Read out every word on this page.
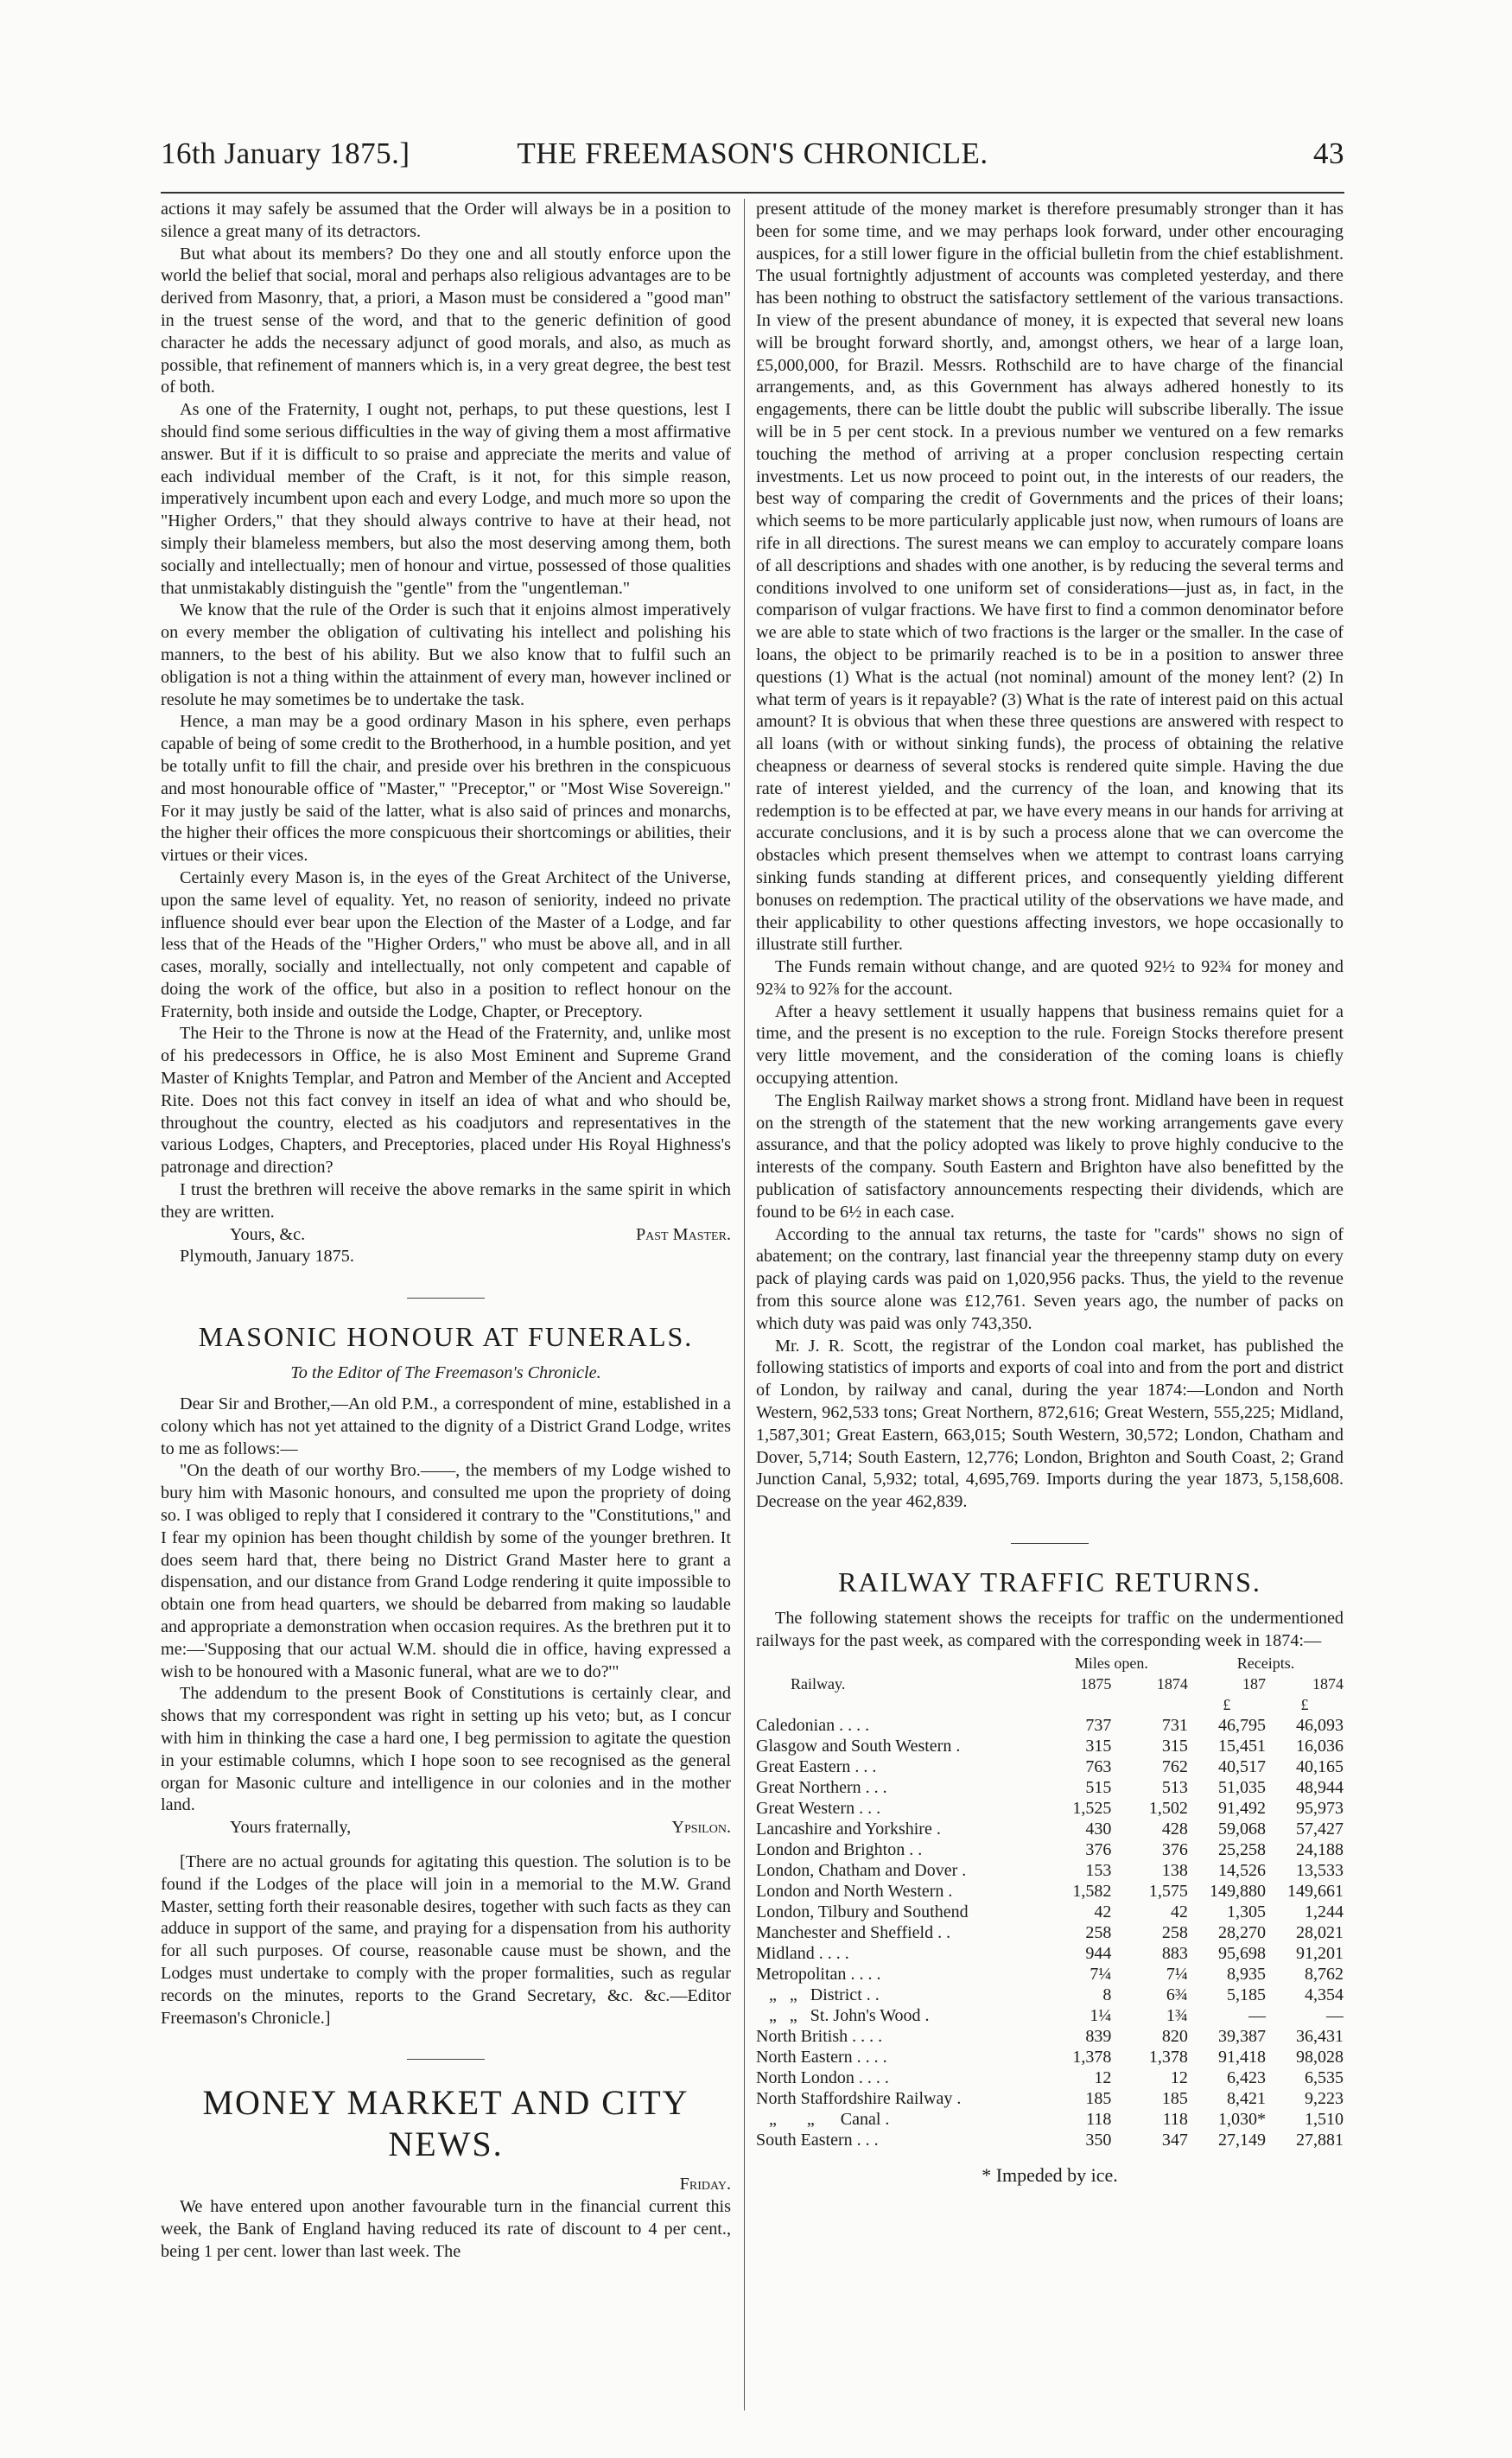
16th January 1875.]	THE FREEMASON'S CHRONICLE.	43

actions it may safely be assumed that the Order will always be in a position to silence a great many of its detractors.

But what about its members? Do they one and all stoutly enforce upon the world the belief that social, moral and perhaps also religious advantages are to be derived from Masonry, that, a priori, a Mason must be considered a "good man" in the truest sense of the word, and that to the generic definition of good character he adds the necessary adjunct of good morals, and also, as much as possible, that refinement of manners which is, in a very great degree, the best test of both.

As one of the Fraternity, I ought not, perhaps, to put these questions, lest I should find some serious difficulties in the way of giving them a most affirmative answer. But if it is difficult to so praise and appreciate the merits and value of each individual member of the Craft, is it not, for this simple reason, imperatively incumbent upon each and every Lodge, and much more so upon the "Higher Orders," that they should always contrive to have at their head, not simply their blameless members, but also the most deserving among them, both socially and intellectually; men of honour and virtue, possessed of those qualities that unmistakably distinguish the "gentle" from the "ungentleman."

We know that the rule of the Order is such that it enjoins almost imperatively on every member the obligation of cultivating his intellect and polishing his manners, to the best of his ability. But we also know that to fulfil such an obligation is not a thing within the attainment of every man, however inclined or resolute he may sometimes be to undertake the task.

Hence, a man may be a good ordinary Mason in his sphere, even perhaps capable of being of some credit to the Brotherhood, in a humble position, and yet be totally unfit to fill the chair, and preside over his brethren in the conspicuous and most honourable office of "Master," "Preceptor," or "Most Wise Sovereign." For it may justly be said of the latter, what is also said of princes and monarchs, the higher their offices the more conspicuous their shortcomings or abilities, their virtues or their vices.

Certainly every Mason is, in the eyes of the Great Architect of the Universe, upon the same level of equality. Yet, no reason of seniority, indeed no private influence should ever bear upon the Election of the Master of a Lodge, and far less that of the Heads of the "Higher Orders," who must be above all, and in all cases, morally, socially and intellectually, not only competent and capable of doing the work of the office, but also in a position to reflect honour on the Fraternity, both inside and outside the Lodge, Chapter, or Preceptory.

The Heir to the Throne is now at the Head of the Fraternity, and, unlike most of his predecessors in Office, he is also Most Eminent and Supreme Grand Master of Knights Templar, and Patron and Member of the Ancient and Accepted Rite. Does not this fact convey in itself an idea of what and who should be, throughout the country, elected as his coadjutors and representatives in the various Lodges, Chapters, and Preceptories, placed under His Royal Highness's patronage and direction?

I trust the brethren will receive the above remarks in the same spirit in which they are written.

Yours, &c.	Past Master.

Plymouth, January 1875.

MASONIC HONOUR AT FUNERALS.
To the Editor of The Freemason's Chronicle.

Dear Sir and Brother,—An old P.M., a correspondent of mine, established in a colony which has not yet attained to the dignity of a District Grand Lodge, writes to me as follows:—

"On the death of our worthy Bro.——, the members of my Lodge wished to bury him with Masonic honours, and consulted me upon the propriety of doing so. I was obliged to reply that I considered it contrary to the "Constitutions," and I fear my opinion has been thought childish by some of the younger brethren. It does seem hard that, there being no District Grand Master here to grant a dispensation, and our distance from Grand Lodge rendering it quite impossible to obtain one from head quarters, we should be debarred from making so laudable and appropriate a demonstration when occasion requires. As the brethren put it to me:—'Supposing that our actual W.M. should die in office, having expressed a wish to be honoured with a Masonic funeral, what are we to do?'"

The addendum to the present Book of Constitutions is certainly clear, and shows that my correspondent was right in setting up his veto; but, as I concur with him in thinking the case a hard one, I beg permission to agitate the question in your estimable columns, which I hope soon to see recognised as the general organ for Masonic culture and intelligence in our colonies and in the mother land.

Yours fraternally,	Ypsilon.

[There are no actual grounds for agitating this question. The solution is to be found if the Lodges of the place will join in a memorial to the M.W. Grand Master, setting forth their reasonable desires, together with such facts as they can adduce in support of the same, and praying for a dispensation from his authority for all such purposes. Of course, reasonable cause must be shown, and the Lodges must undertake to comply with the proper formalities, such as regular records on the minutes, reports to the Grand Secretary, &c. &c.—Editor Freemason's Chronicle.]

MONEY MARKET AND CITY NEWS.
Friday.

We have entered upon another favourable turn in the financial current this week, the Bank of England having reduced its rate of discount to 4 per cent., being 1 per cent. lower than last week. The

present attitude of the money market is therefore presumably stronger than it has been for some time, and we may perhaps look forward, under other encouraging auspices, for a still lower figure in the official bulletin from the chief establishment. The usual fortnightly adjustment of accounts was completed yesterday, and there has been nothing to obstruct the satisfactory settlement of the various transactions. In view of the present abundance of money, it is expected that several new loans will be brought forward shortly, and, amongst others, we hear of a large loan, £5,000,000, for Brazil. Messrs. Rothschild are to have charge of the financial arrangements, and, as this Government has always adhered honestly to its engagements, there can be little doubt the public will subscribe liberally. The issue will be in 5 per cent stock. In a previous number we ventured on a few remarks touching the method of arriving at a proper conclusion respecting certain investments. Let us now proceed to point out, in the interests of our readers, the best way of comparing the credit of Governments and the prices of their loans; which seems to be more particularly applicable just now, when rumours of loans are rife in all directions. The surest means we can employ to accurately compare loans of all descriptions and shades with one another, is by reducing the several terms and conditions involved to one uniform set of considerations—just as, in fact, in the comparison of vulgar fractions. We have first to find a common denominator before we are able to state which of two fractions is the larger or the smaller. In the case of loans, the object to be primarily reached is to be in a position to answer three questions (1) What is the actual (not nominal) amount of the money lent? (2) In what term of years is it repayable? (3) What is the rate of interest paid on this actual amount? It is obvious that when these three questions are answered with respect to all loans (with or without sinking funds), the process of obtaining the relative cheapness or dearness of several stocks is rendered quite simple. Having the due rate of interest yielded, and the currency of the loan, and knowing that its redemption is to be effected at par, we have every means in our hands for arriving at accurate conclusions, and it is by such a process alone that we can overcome the obstacles which present themselves when we attempt to contrast loans carrying sinking funds standing at different prices, and consequently yielding different bonuses on redemption. The practical utility of the observations we have made, and their applicability to other questions affecting investors, we hope occasionally to illustrate still further.

The Funds remain without change, and are quoted 92½ to 92¾ for money and 92¾ to 92⅞ for the account.

After a heavy settlement it usually happens that business remains quiet for a time, and the present is no exception to the rule. Foreign Stocks therefore present very little movement, and the consideration of the coming loans is chiefly occupying attention.

The English Railway market shows a strong front. Midland have been in request on the strength of the statement that the new working arrangements gave every assurance, and that the policy adopted was likely to prove highly conducive to the interests of the company. South Eastern and Brighton have also benefitted by the publication of satisfactory announcements respecting their dividends, which are found to be 6½ in each case.

According to the annual tax returns, the taste for "cards" shows no sign of abatement; on the contrary, last financial year the threepenny stamp duty on every pack of playing cards was paid on 1,020,956 packs. Thus, the yield to the revenue from this source alone was £12,761. Seven years ago, the number of packs on which duty was paid was only 743,350.

Mr. J. R. Scott, the registrar of the London coal market, has published the following statistics of imports and exports of coal into and from the port and district of London, by railway and canal, during the year 1874:—London and North Western, 962,533 tons; Great Northern, 872,616; Great Western, 555,225; Midland, 1,587,301; Great Eastern, 663,015; South Western, 30,572; London, Chatham and Dover, 5,714; South Eastern, 12,776; London, Brighton and South Coast, 2; Grand Junction Canal, 5,932; total, 4,695,769. Imports during the year 1873, 5,158,608. Decrease on the year 462,839.

RAILWAY TRAFFIC RETURNS.

The following statement shows the receipts for traffic on the undermentioned railways for the past week, as compared with the corresponding week in 1874:—

	Miles open.		Receipts.	
Railway.	1875	1874	187	1874
			£	£
Caledonian . . . .	737	731	46,795	46,093
Glasgow and South Western .	315	315	15,451	16,036
Great Eastern . . .	763	762	40,517	40,165
Great Northern . . .	515	513	51,035	48,944
Great Western . . .	1,525	1,502	91,492	95,973
Lancashire and Yorkshire .	430	428	59,068	57,427
London and Brighton . .	376	376	25,258	24,188
London, Chatham and Dover .	153	138	14,526	13,533
London and North Western .	1,582	1,575	149,880	149,661
London, Tilbury and Southend	42	42	1,305	1,244
Manchester and Sheffield . .	258	258	28,270	28,021
Midland . . . .	944	883	95,698	91,201
Metropolitan . . . .	7¼	7¼	8,935	8,762
„   „   District . .	8	6¾	5,185	4,354
„   „   St. John's Wood .	1¼	1¾	—	—
North British . . . .	839	820	39,387	36,431
North Eastern . . . .	1,378	1,378	91,418	98,028
North London . . . .	12	12	6,423	6,535
North Staffordshire Railway .	185	185	8,421	9,223
„       „      Canal .	118	118	1,030*	1,510
South Eastern . . .	350	347	27,149	27,881
* Impeded by ice.
